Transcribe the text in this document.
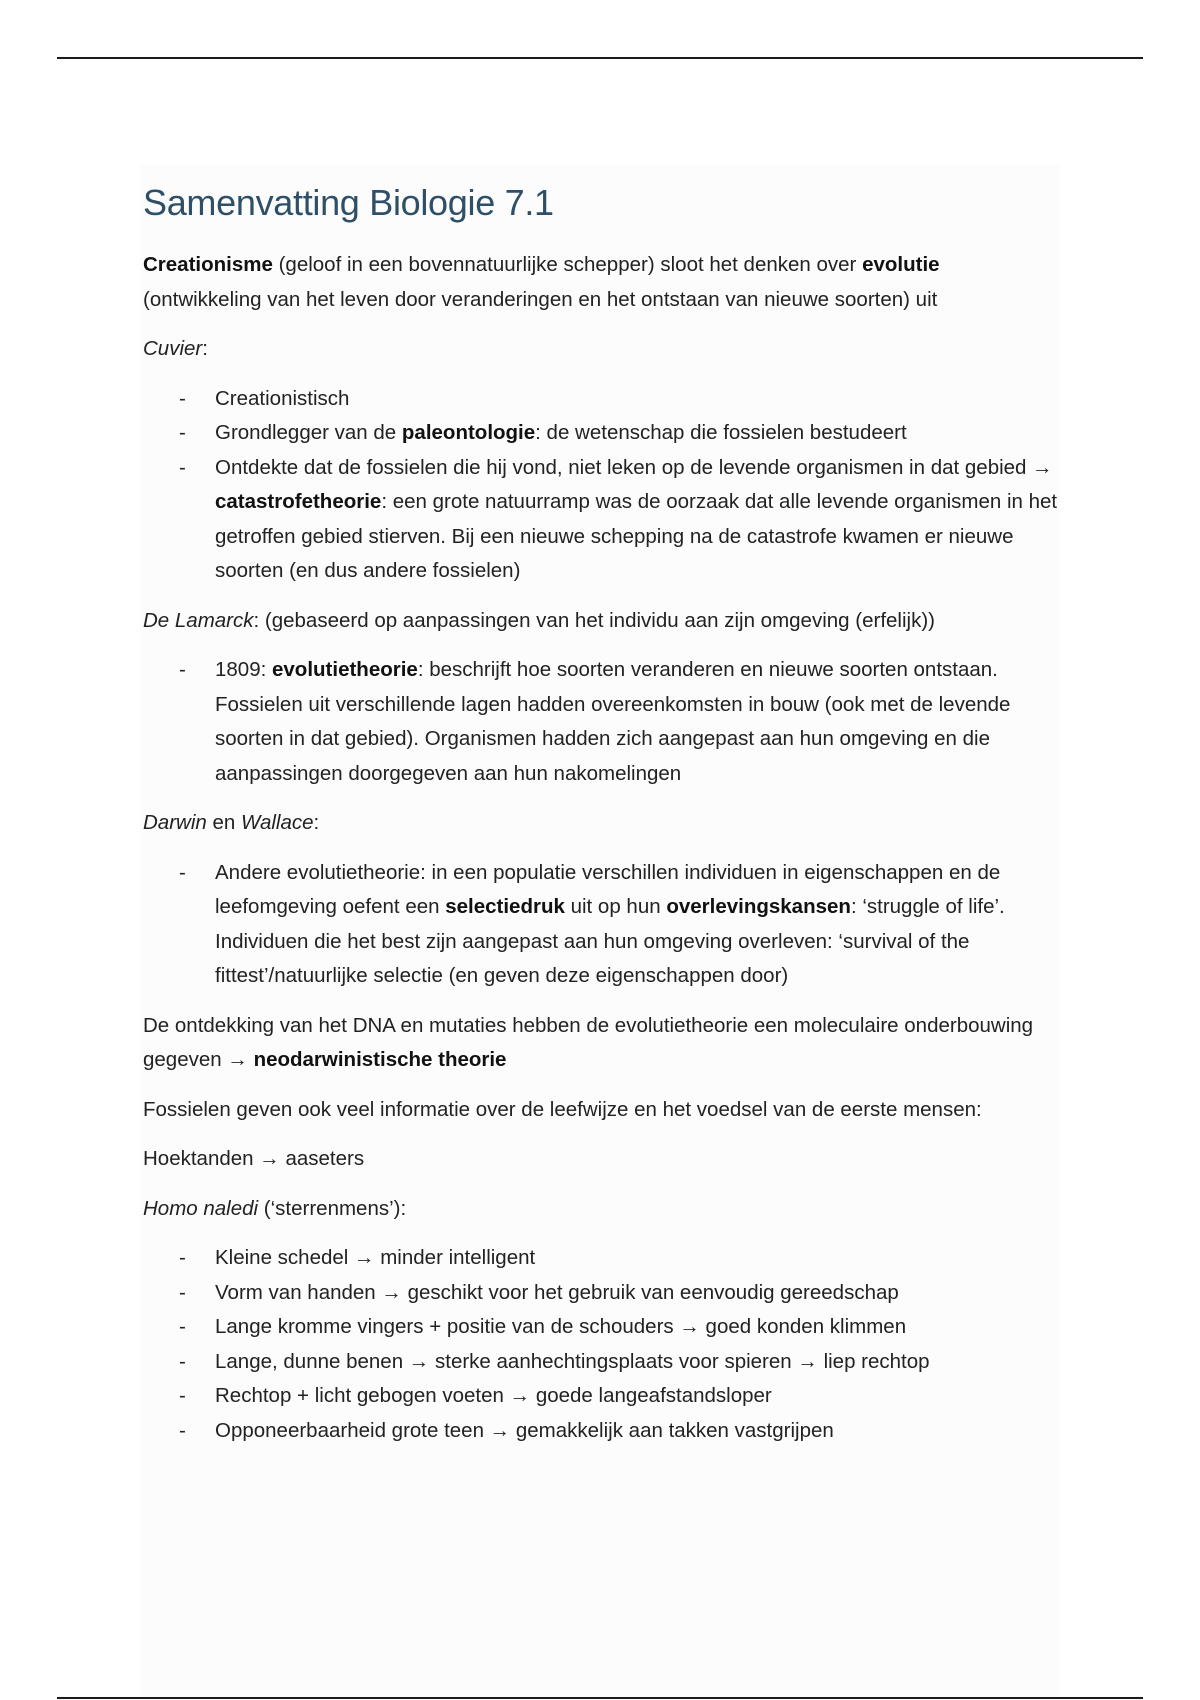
Samenvatting Biologie 7.1

Creationisme (geloof in een bovennatuurlijke schepper) sloot het denken over evolutie (ontwikkeling van het leven door veranderingen en het ontstaan van nieuwe soorten) uit

Cuvier:

- Creationistisch
- Grondlegger van de paleontologie: de wetenschap die fossielen bestudeert
- Ontdekte dat de fossielen die hij vond, niet leken op de levende organismen in dat gebied → catastrofetheorie: een grote natuurramp was de oorzaak dat alle levende organismen in het getroffen gebied stierven. Bij een nieuwe schepping na de catastrofe kwamen er nieuwe soorten (en dus andere fossielen)

De Lamarck: (gebaseerd op aanpassingen van het individu aan zijn omgeving (erfelijk))

- 1809: evolutietheorie: beschrijft hoe soorten veranderen en nieuwe soorten ontstaan. Fossielen uit verschillende lagen hadden overeenkomsten in bouw (ook met de levende soorten in dat gebied). Organismen hadden zich aangepast aan hun omgeving en die aanpassingen doorgegeven aan hun nakomelingen

Darwin en Wallace:

- Andere evolutietheorie: in een populatie verschillen individuen in eigenschappen en de leefomgeving oefent een selectiedruk uit op hun overlevingskansen: ‘struggle of life’. Individuen die het best zijn aangepast aan hun omgeving overleven: ‘survival of the fittest’/natuurlijke selectie (en geven deze eigenschappen door)

De ontdekking van het DNA en mutaties hebben de evolutietheorie een moleculaire onderbouwing gegeven → neodarwinistische theorie

Fossielen geven ook veel informatie over de leefwijze en het voedsel van de eerste mensen:

Hoektanden → aaseters

Homo naledi (‘sterrenmens’):

- Kleine schedel → minder intelligent
- Vorm van handen → geschikt voor het gebruik van eenvoudig gereedschap
- Lange kromme vingers + positie van de schouders → goed konden klimmen
- Lange, dunne benen → sterke aanhechtingsplaats voor spieren → liep rechtop
- Rechtop + licht gebogen voeten → goede langeafstandsloper
- Opponeerbaarheid grote teen → gemakkelijk aan takken vastgrijpen
